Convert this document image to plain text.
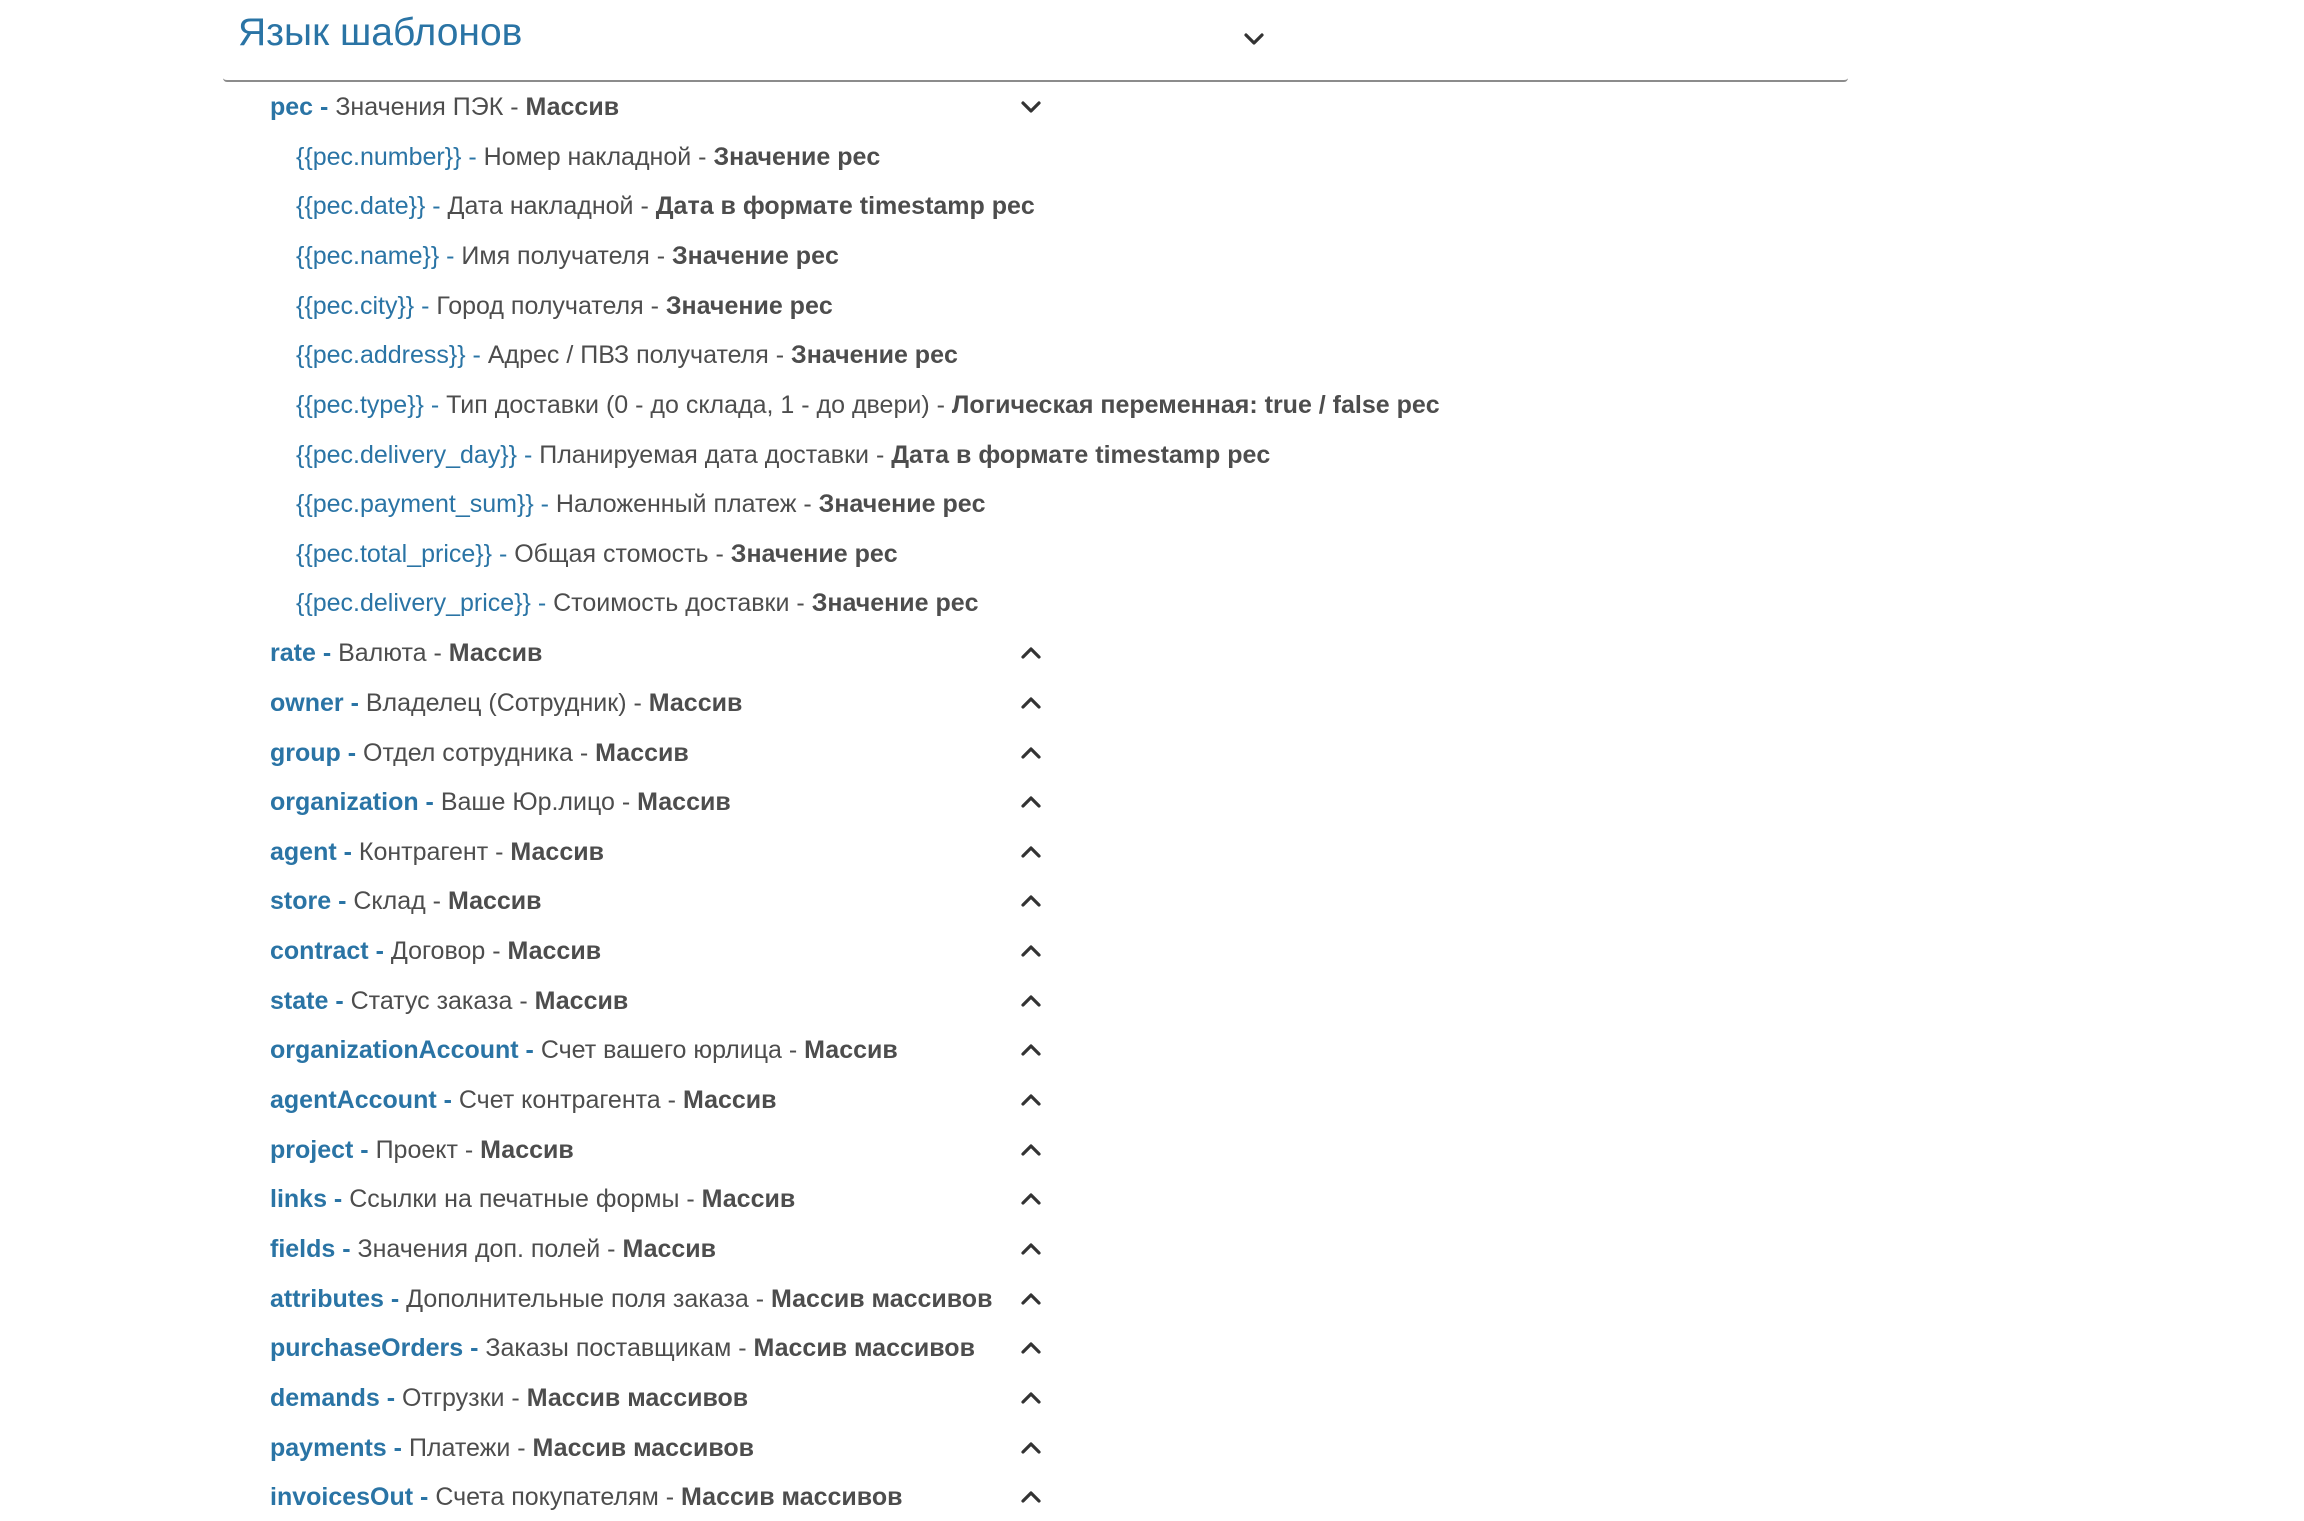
Язык шаблонов
pec - Значения ПЭК - Массив
{{pec.number}} - Номер накладной - Значение pec
{{pec.date}} - Дата накладной - Дата в формате timestamp pec
{{pec.name}} - Имя получателя - Значение pec
{{pec.city}} - Город получателя - Значение pec
{{pec.address}} - Адрес / ПВЗ получателя - Значение pec
{{pec.type}} - Тип доставки (0 - до склада, 1 - до двери) - Логическая переменная: true / false pec
{{pec.delivery_day}} - Планируемая дата доставки - Дата в формате timestamp pec
{{pec.payment_sum}} - Наложенный платеж - Значение pec
{{pec.total_price}} - Общая стомость - Значение pec
{{pec.delivery_price}} - Стоимость доставки - Значение pec
rate - Валюта - Массив
owner - Владелец (Сотрудник) - Массив
group - Отдел сотрудника - Массив
organization - Ваше Юр.лицо - Массив
agent - Контрагент - Массив
store - Склад - Массив
contract - Договор - Массив
state - Статус заказа - Массив
organizationAccount - Счет вашего юрлица - Массив
agentAccount - Счет контрагента - Массив
project - Проект - Массив
links - Ссылки на печатные формы - Массив
fields - Значения доп. полей - Массив
attributes - Дополнительные поля заказа - Массив массивов
purchaseOrders - Заказы поставщикам - Массив массивов
demands - Отгрузки - Массив массивов
payments - Платежи - Массив массивов
invoicesOut - Счета покупателям - Массив массивов
